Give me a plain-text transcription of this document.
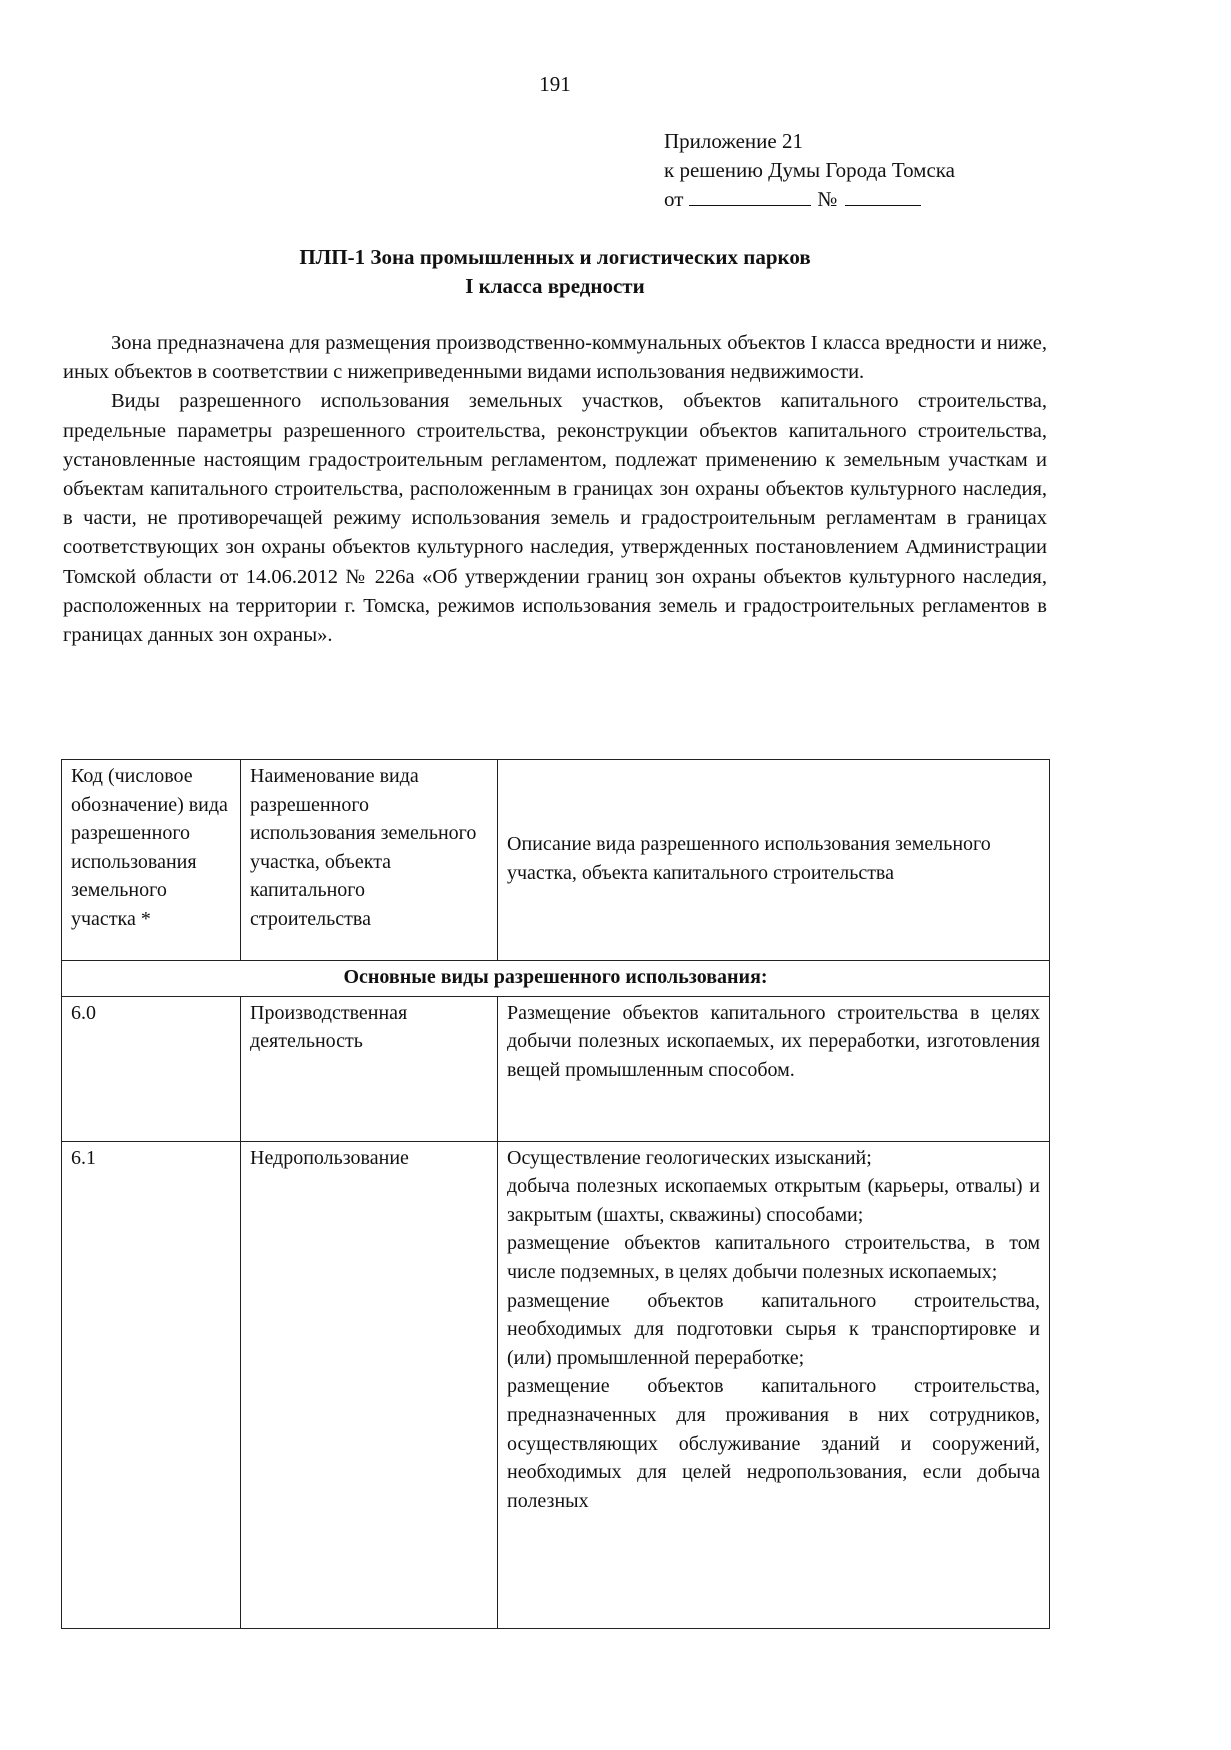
191
Приложение 21
к решению Думы Города Томска
от	№
ПЛП-1 Зона промышленных и логистических парков
I класса вредности

Зона предназначена для размещения производственно-коммунальных объектов I класса вредности и ниже, иных объектов в соответствии с нижеприведенными видами использования недвижимости.

Виды разрешенного использования земельных участков, объектов капитального строительства, предельные параметры разрешенного строительства, реконструкции объектов капитального строительства, установленные настоящим градостроительным регламентом, подлежат применению к земельным участкам и объектам капитального строительства, расположенным в границах зон охраны объектов культурного наследия, в части, не противоречащей режиму использования земель и градостроительным регламентам в границах соответствующих зон охраны объектов культурного наследия, утвержденных постановлением Администрации Томской области от 14.06.2012 № 226а «Об утверждении границ зон охраны объектов культурного наследия, расположенных на территории г. Томска, режимов использования земель и градостроительных регламентов в границах данных зон охраны».

Код (числовое обозначение) вида разрешенного использования земельного участка *	Наименование вида разрешенного использования земельного участка, объекта капитального строительства	Описание вида разрешенного использования земельного участка, объекта капитального строительства

Основные виды разрешенного использования:		
6.0	Производственная деятельность	Размещение объектов капитального строительства в целях добычи полезных ископаемых, их переработки, изготовления вещей промышленным способом.

6.1	Недропользование	Осуществление геологических изысканий;
добыча полезных ископаемых открытым (карьеры, отвалы) и закрытым (шахты, скважины) способами;
размещение объектов капитального строительства, в том числе подземных, в целях добычи полезных ископаемых;
размещение объектов капитального строительства, необходимых для подготовки сырья к транспортировке и (или) промышленной переработке;
размещение объектов капитального строительства, предназначенных для проживания в них сотрудников, осуществляющих обслуживание зданий и сооружений, необходимых для целей недропользования, если добыча полезных
